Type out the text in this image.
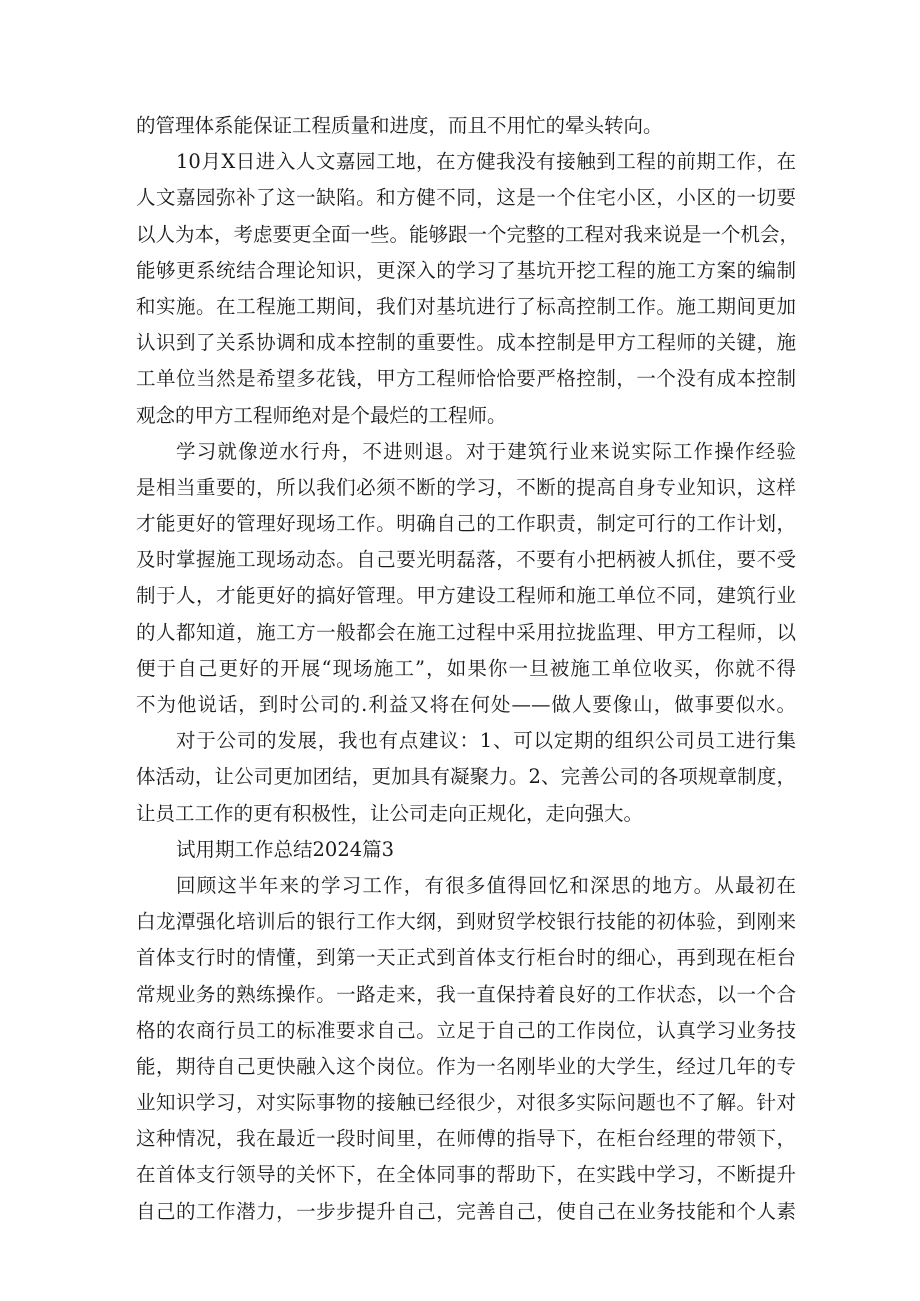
的管理体系能保证工程质量和进度，而且不用忙的晕头转向。
10月X日进入人文嘉园工地，在方健我没有接触到工程的前期工作，在
人文嘉园弥补了这一缺陷。和方健不同，这是一个住宅小区，小区的一切要
以人为本，考虑要更全面一些。能够跟一个完整的工程对我来说是一个机会，
能够更系统结合理论知识，更深入的学习了基坑开挖工程的施工方案的编制
和实施。在工程施工期间，我们对基坑进行了标高控制工作。施工期间更加
认识到了关系协调和成本控制的重要性。成本控制是甲方工程师的关键，施
工单位当然是希望多花钱，甲方工程师恰恰要严格控制，一个没有成本控制
观念的甲方工程师绝对是个最烂的工程师。
学习就像逆水行舟，不进则退。对于建筑行业来说实际工作操作经验
是相当重要的，所以我们必须不断的学习，不断的提高自身专业知识，这样
才能更好的管理好现场工作。明确自己的工作职责，制定可行的工作计划，
及时掌握施工现场动态。自己要光明磊落，不要有小把柄被人抓住，要不受
制于人，才能更好的搞好管理。甲方建设工程师和施工单位不同，建筑行业
的人都知道，施工方一般都会在施工过程中采用拉拢监理、甲方工程师，以
便于自己更好的开展“现场施工”，如果你一旦被施工单位收买，你就不得
不为他说话，到时公司的.利益又将在何处——做人要像山，做事要似水。
对于公司的发展，我也有点建议：1、可以定期的组织公司员工进行集
体活动，让公司更加团结，更加具有凝聚力。2、完善公司的各项规章制度，
让员工工作的更有积极性，让公司走向正规化，走向强大。
试用期工作总结2024篇3
回顾这半年来的学习工作，有很多值得回忆和深思的地方。从最初在
白龙潭强化培训后的银行工作大纲，到财贸学校银行技能的初体验，到刚来
首体支行时的情懂，到第一天正式到首体支行柜台时的细心，再到现在柜台
常规业务的熟练操作。一路走来，我一直保持着良好的工作状态，以一个合
格的农商行员工的标准要求自己。立足于自己的工作岗位，认真学习业务技
能，期待自己更快融入这个岗位。作为一名刚毕业的大学生，经过几年的专
业知识学习，对实际事物的接触已经很少，对很多实际问题也不了解。针对
这种情况，我在最近一段时间里，在师傅的指导下，在柜台经理的带领下，
在首体支行领导的关怀下，在全体同事的帮助下，在实践中学习，不断提升
自己的工作潜力，一步步提升自己，完善自己，使自己在业务技能和个人素
